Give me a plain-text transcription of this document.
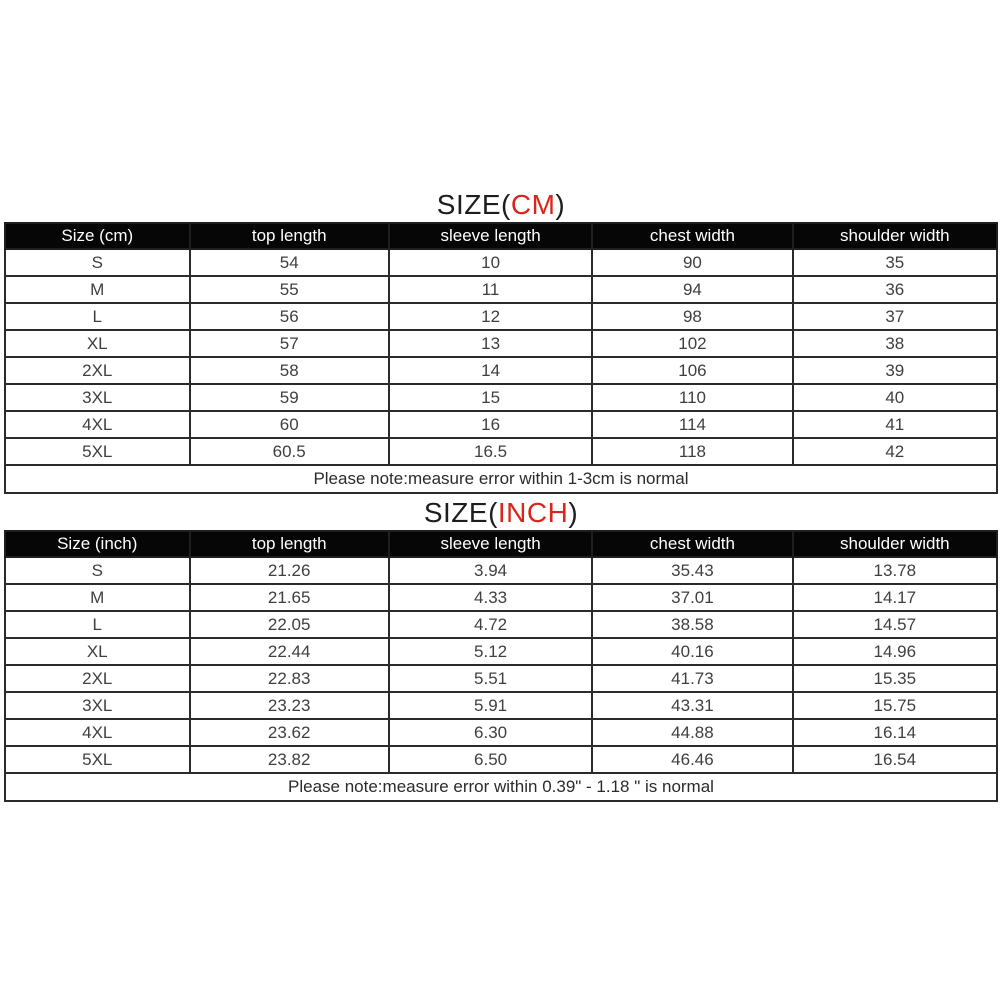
SIZE(CM)
Size (cm)	top length	sleeve length	chest width	shoulder width
S	54	10	90	35
M	55	11	94	36
L	56	12	98	37
XL	57	13	102	38
2XL	58	14	106	39
3XL	59	15	110	40
4XL	60	16	114	41
5XL	60.5	16.5	118	42
Please note:measure error within 1-3cm is normal				
SIZE(INCH)
Size (inch)	top length	sleeve length	chest width	shoulder width
S	21.26	3.94	35.43	13.78
M	21.65	4.33	37.01	14.17
L	22.05	4.72	38.58	14.57
XL	22.44	5.12	40.16	14.96
2XL	22.83	5.51	41.73	15.35
3XL	23.23	5.91	43.31	15.75
4XL	23.62	6.30	44.88	16.14
5XL	23.82	6.50	46.46	16.54
Please note:measure error within 0.39" - 1.18 " is normal				
